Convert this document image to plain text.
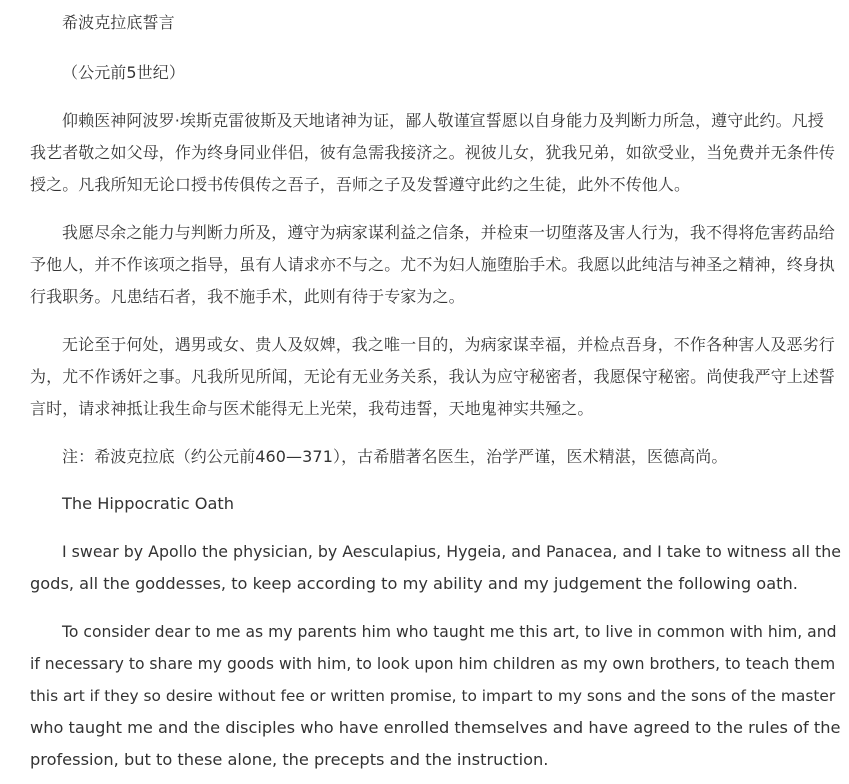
希波克拉底誓言
（公元前5世纪）
仰赖医神阿波罗·埃斯克雷彼斯及天地诸神为证，鄙人敬谨宣誓愿以自身能力及判断力所急，遵守此约。凡授
我艺者敬之如父母，作为终身同业伴侣，彼有急需我接济之。视彼儿女，犹我兄弟，如欲受业，当免费并无条件传
授之。凡我所知无论口授书传俱传之吾子，吾师之子及发誓遵守此约之生徒，此外不传他人。
我愿尽余之能力与判断力所及，遵守为病家谋利益之信条，并检束一切堕落及害人行为，我不得将危害药品给
予他人，并不作该项之指导，虽有人请求亦不与之。尤不为妇人施堕胎手术。我愿以此纯洁与神圣之精神，终身执
行我职务。凡患结石者，我不施手术，此则有待于专家为之。
无论至于何处，遇男或女、贵人及奴婢，我之唯一目的，为病家谋幸福，并检点吾身，不作各种害人及恶劣行
为，尤不作诱奸之事。凡我所见所闻，无论有无业务关系，我认为应守秘密者，我愿保守秘密。尚使我严守上述誓
言时，请求神抵让我生命与医术能得无上光荣，我苟违誓，天地鬼神实共殛之。
注：希波克拉底（约公元前460—371），古希腊著名医生，治学严谨，医术精湛，医德高尚。
The Hippocratic Oath
I swear by Apollo the physician, by Aesculapius, Hygeia, and Panacea, and I take to witness all the
gods, all the goddesses, to keep according to my ability and my judgement the following oath.
To consider dear to me as my parents him who taught me this art, to live in common with him, and
if necessary to share my goods with him, to look upon him children as my own brothers, to teach them
this art if they so desire without fee or written promise, to impart to my sons and the sons of the master
who taught me and the disciples who have enrolled themselves and have agreed to the rules of the
profession, but to these alone, the precepts and the instruction.
